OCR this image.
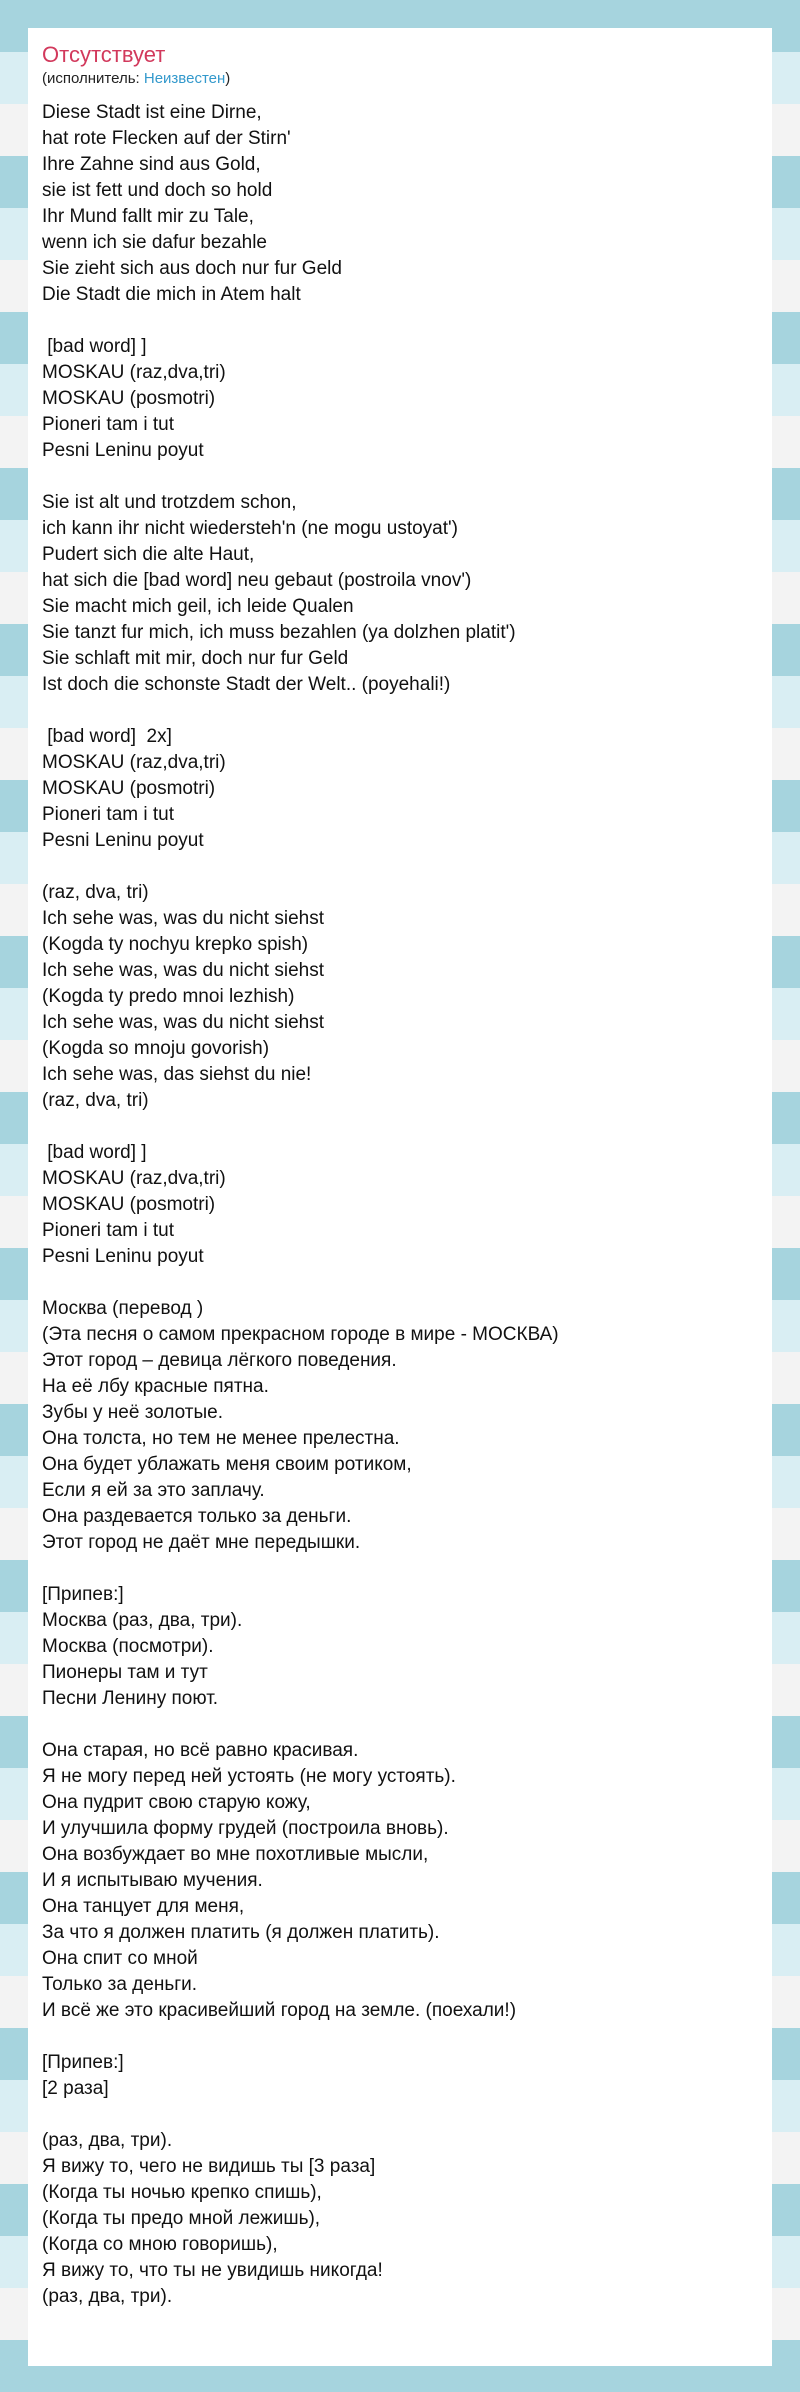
Отсутствует
(исполнитель: Неизвестен)
Diese Stadt ist eine Dirne,
hat rote Flecken auf der Stirn'
Ihre Zahne sind aus Gold,
sie ist fett und doch so hold
Ihr Mund fallt mir zu Tale,
wenn ich sie dafur bezahle
Sie zieht sich aus doch nur fur Geld
Die Stadt die mich in Atem halt
[bad word] ]
MOSKAU (raz,dva,tri)
MOSKAU (posmotri)
Pioneri tam i tut
Pesni Leninu poyut
Sie ist alt und trotzdem schon,
ich kann ihr nicht wiedersteh'n (ne mogu ustoyat')
Pudert sich die alte Haut,
hat sich die [bad word] neu gebaut (postroila vnov')
Sie macht mich geil, ich leide Qualen
Sie tanzt fur mich, ich muss bezahlen (ya dolzhen platit')
Sie schlaft mit mir, doch nur fur Geld
Ist doch die schonste Stadt der Welt.. (poyehali!)
[bad word]  2x]
MOSKAU (raz,dva,tri)
MOSKAU (posmotri)
Pioneri tam i tut
Pesni Leninu poyut
(raz, dva, tri)
Ich sehe was, was du nicht siehst
(Kogda ty nochyu krepko spish)
Ich sehe was, was du nicht siehst
(Kogda ty predo mnoi lezhish)
Ich sehe was, was du nicht siehst
(Kogda so mnoju govorish)
Ich sehe was, das siehst du nie!
(raz, dva, tri)
[bad word] ]
MOSKAU (raz,dva,tri)
MOSKAU (posmotri)
Pioneri tam i tut
Pesni Leninu poyut
Москва (перевод )
(Эта песня о самом прекрасном городе в мире - МОСКВА)
Этот город – девица лёгкого поведения.
На её лбу красные пятна.
Зубы у неё золотые.
Она толста, но тем не менее прелестна.
Она будет ублажать меня своим ротиком,
Если я ей за это заплачу.
Она раздевается только за деньги.
Этот город не даёт мне передышки.
[Припев:]
Москва (раз, два, три).
Москва (посмотри).
Пионеры там и тут
Песни Ленину поют.
Она старая, но всё равно красивая.
Я не могу перед ней устоять (не могу устоять).
Она пудрит свою старую кожу,
И улучшила форму грудей (построила вновь).
Она возбуждает во мне похотливые мысли,
И я испытываю мучения.
Она танцует для меня,
За что я должен платить (я должен платить).
Она спит со мной
Только за деньги.
И всё же это красивейший город на земле. (поехали!)
[Припев:]
[2 раза]
(раз, два, три).
Я вижу то, чего не видишь ты [3 раза]
(Когда ты ночью крепко спишь),
(Когда ты предо мной лежишь),
(Когда со мною говоришь),
Я вижу то, что ты не увидишь никогда!
(раз, два, три).
